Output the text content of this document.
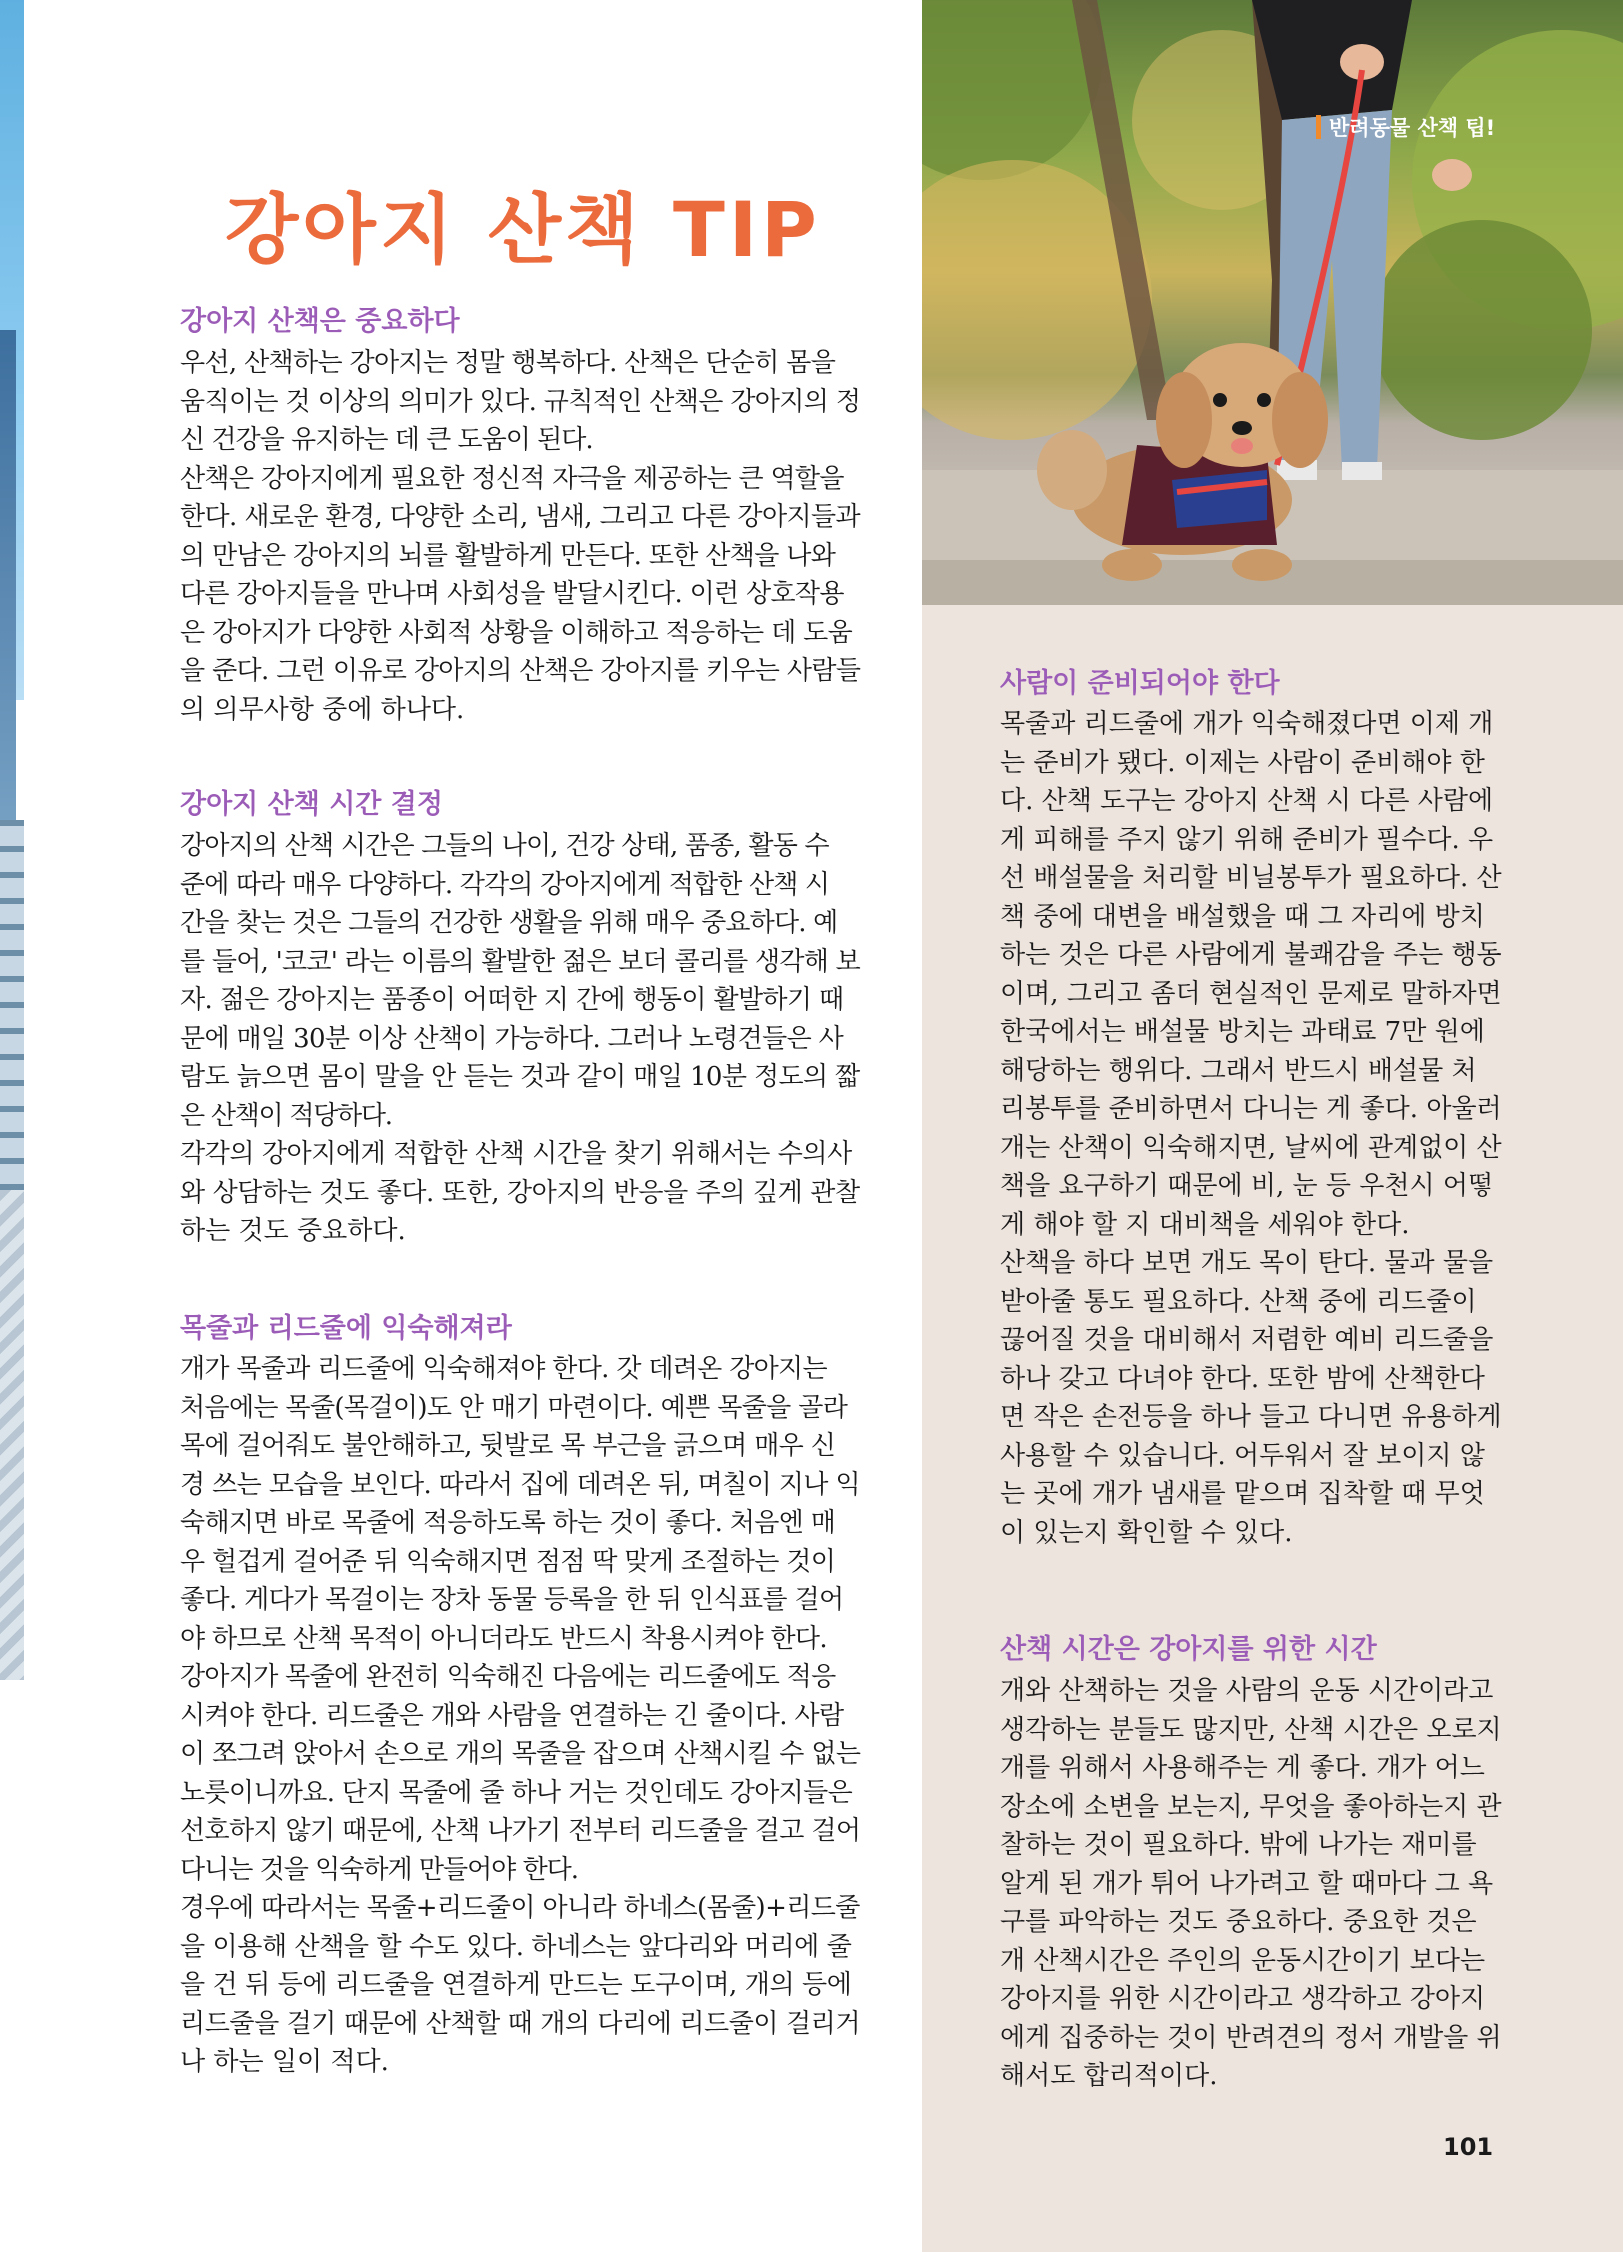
반려동물 산책 팁!
강아지 산책 TIP
강아지 산책은 중요하다

우선, 산책하는 강아지는 정말 행복하다. 산책은 단순히 몸을

움직이는 것 이상의 의미가 있다. 규칙적인 산책은 강아지의 정

신 건강을 유지하는 데 큰 도움이 된다.

산책은 강아지에게 필요한 정신적 자극을 제공하는 큰 역할을

한다. 새로운 환경, 다양한 소리, 냄새, 그리고 다른 강아지들과

의 만남은 강아지의 뇌를 활발하게 만든다. 또한 산책을 나와

다른 강아지들을 만나며 사회성을 발달시킨다. 이런 상호작용

은 강아지가 다양한 사회적 상황을 이해하고 적응하는 데 도움

을 준다. 그런 이유로 강아지의 산책은 강아지를 키우는 사람들

의 의무사항 중에 하나다.

강아지 산책 시간 결정

강아지의 산책 시간은 그들의 나이, 건강 상태, 품종, 활동 수

준에 따라 매우 다양하다. 각각의 강아지에게 적합한 산책 시

간을 찾는 것은 그들의 건강한 생활을 위해 매우 중요하다. 예

를 들어, '코코' 라는 이름의 활발한 젊은 보더 콜리를 생각해 보

자. 젊은 강아지는 품종이 어떠한 지 간에 행동이 활발하기 때

문에 매일 30분 이상 산책이 가능하다. 그러나 노령견들은 사

람도 늙으면 몸이 말을 안 듣는 것과 같이 매일 10분 정도의 짧

은 산책이 적당하다.

각각의 강아지에게 적합한 산책 시간을 찾기 위해서는 수의사

와 상담하는 것도 좋다. 또한, 강아지의 반응을 주의 깊게 관찰

하는 것도 중요하다.

목줄과 리드줄에 익숙해져라

개가 목줄과 리드줄에 익숙해져야 한다. 갓 데려온 강아지는

처음에는 목줄(목걸이)도 안 매기 마련이다. 예쁜 목줄을 골라

목에 걸어줘도 불안해하고, 뒷발로 목 부근을 긁으며 매우 신

경 쓰는 모습을 보인다. 따라서 집에 데려온 뒤, 며칠이 지나 익

숙해지면 바로 목줄에 적응하도록 하는 것이 좋다. 처음엔 매

우 헐겁게 걸어준 뒤 익숙해지면 점점 딱 맞게 조절하는 것이

좋다. 게다가 목걸이는 장차 동물 등록을 한 뒤 인식표를 걸어

야 하므로 산책 목적이 아니더라도 반드시 착용시켜야 한다.

강아지가 목줄에 완전히 익숙해진 다음에는 리드줄에도 적응

시켜야 한다. 리드줄은 개와 사람을 연결하는 긴 줄이다. 사람

이 쪼그려 앉아서 손으로 개의 목줄을 잡으며 산책시킬 수 없는

노릇이니까요. 단지 목줄에 줄 하나 거는 것인데도 강아지들은

선호하지 않기 때문에, 산책 나가기 전부터 리드줄을 걸고 걸어

다니는 것을 익숙하게 만들어야 한다.

경우에 따라서는 목줄+리드줄이 아니라 하네스(몸줄)+리드줄

을 이용해 산책을 할 수도 있다. 하네스는 앞다리와 머리에 줄

을 건 뒤 등에 리드줄을 연결하게 만드는 도구이며, 개의 등에

리드줄을 걸기 때문에 산책할 때 개의 다리에 리드줄이 걸리거

나 하는 일이 적다.

사람이 준비되어야 한다

목줄과 리드줄에 개가 익숙해졌다면 이제 개

는 준비가 됐다. 이제는 사람이 준비해야 한

다. 산책 도구는 강아지 산책 시 다른 사람에

게 피해를 주지 않기 위해 준비가 필수다. 우

선 배설물을 처리할 비닐봉투가 필요하다. 산

책 중에 대변을 배설했을 때 그 자리에 방치

하는 것은 다른 사람에게 불쾌감을 주는 행동

이며, 그리고 좀더 현실적인 문제로 말하자면

한국에서는 배설물 방치는 과태료 7만 원에

해당하는 행위다. 그래서 반드시 배설물 처

리봉투를 준비하면서 다니는 게 좋다. 아울러

개는 산책이 익숙해지면, 날씨에 관계없이 산

책을 요구하기 때문에 비, 눈 등 우천시 어떻

게 해야 할 지 대비책을 세워야 한다.

산책을 하다 보면 개도 목이 탄다. 물과 물을

받아줄 통도 필요하다. 산책 중에 리드줄이

끊어질 것을 대비해서 저렴한 예비 리드줄을

하나 갖고 다녀야 한다. 또한 밤에 산책한다

면 작은 손전등을 하나 들고 다니면 유용하게

사용할 수 있습니다. 어두워서 잘 보이지 않

는 곳에 개가 냄새를 맡으며 집착할 때 무엇

이 있는지 확인할 수 있다.

산책 시간은 강아지를 위한 시간

개와 산책하는 것을 사람의 운동 시간이라고

생각하는 분들도 많지만, 산책 시간은 오로지

개를 위해서 사용해주는 게 좋다. 개가 어느

장소에 소변을 보는지, 무엇을 좋아하는지 관

찰하는 것이 필요하다. 밖에 나가는 재미를

알게 된 개가 튀어 나가려고 할 때마다 그 욕

구를 파악하는 것도 중요하다. 중요한 것은

개 산책시간은 주인의 운동시간이기 보다는

강아지를 위한 시간이라고 생각하고 강아지

에게 집중하는 것이 반려견의 정서 개발을 위

해서도 합리적이다.

101
